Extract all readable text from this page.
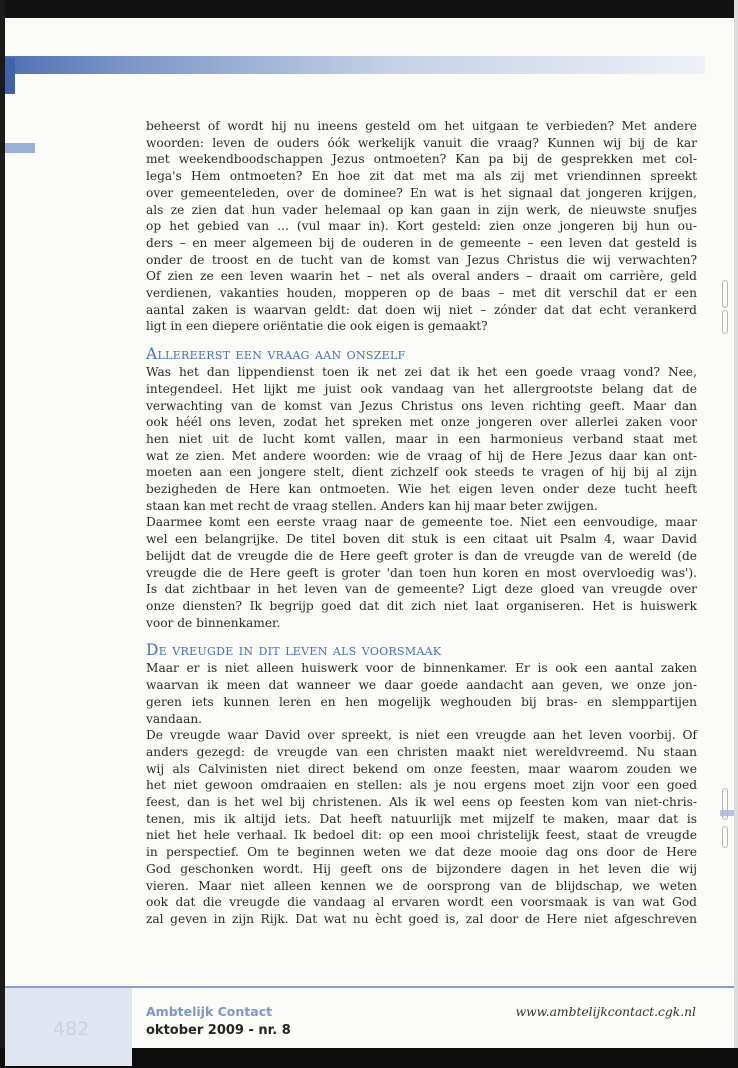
beheerst of wordt hij nu ineens gesteld om het uitgaan te verbieden? Met andere

woorden: leven de ouders óók werkelijk vanuit die vraag? Kunnen wij bij de kar

met weekendboodschappen Jezus ontmoeten? Kan pa bij de gesprekken met col-

lega's Hem ontmoeten? En hoe zit dat met ma als zij met vriendinnen spreekt

over gemeenteleden, over de dominee? En wat is het signaal dat jongeren krijgen,

als ze zien dat hun vader helemaal op kan gaan in zijn werk, de nieuwste snufjes

op het gebied van ... (vul maar in). Kort gesteld: zien onze jongeren bij hun ou-

ders – en meer algemeen bij de ouderen in de gemeente – een leven dat gesteld is

onder de troost en de tucht van de komst van Jezus Christus die wij verwachten?

Of zien ze een leven waarin het – net als overal anders – draait om carrière, geld

verdienen, vakanties houden, mopperen op de baas – met dit verschil dat er een

aantal zaken is waarvan geldt: dat doen wij niet – zónder dat dat echt verankerd

ligt in een diepere oriëntatie die ook eigen is gemaakt?

Allereerst een vraag aan onszelf

Was het dan lippendienst toen ik net zei dat ik het een goede vraag vond? Nee,

integendeel. Het lijkt me juist ook vandaag van het allergrootste belang dat de

verwachting van de komst van Jezus Christus ons leven richting geeft. Maar dan

ook héél ons leven, zodat het spreken met onze jongeren over allerlei zaken voor

hen niet uit de lucht komt vallen, maar in een harmonieus verband staat met

wat ze zien. Met andere woorden: wie de vraag of hij de Here Jezus daar kan ont-

moeten aan een jongere stelt, dient zichzelf ook steeds te vragen of hij bij al zijn

bezigheden de Here kan ontmoeten. Wie het eigen leven onder deze tucht heeft

staan kan met recht de vraag stellen. Anders kan hij maar beter zwijgen.

Daarmee komt een eerste vraag naar de gemeente toe. Niet een eenvoudige, maar

wel een belangrijke. De titel boven dit stuk is een citaat uit Psalm 4, waar David

belijdt dat de vreugde die de Here geeft groter is dan de vreugde van de wereld (de

vreugde die de Here geeft is groter 'dan toen hun koren en most overvloedig was').

Is dat zichtbaar in het leven van de gemeente? Ligt deze gloed van vreugde over

onze diensten? Ik begrijp goed dat dit zich niet laat organiseren. Het is huiswerk

voor de binnenkamer.

De vreugde in dit leven als voorsmaak

Maar er is niet alleen huiswerk voor de binnenkamer. Er is ook een aantal zaken

waarvan ik meen dat wanneer we daar goede aandacht aan geven, we onze jon-

geren iets kunnen leren en hen mogelijk weghouden bij bras- en slemppartijen

vandaan.

De vreugde waar David over spreekt, is niet een vreugde aan het leven voorbij. Of

anders gezegd: de vreugde van een christen maakt niet wereldvreemd. Nu staan

wij als Calvinisten niet direct bekend om onze feesten, maar waarom zouden we

het niet gewoon omdraaien en stellen: als je nou ergens moet zijn voor een goed

feest, dan is het wel bij christenen. Als ik wel eens op feesten kom van niet-chris-

tenen, mis ik altijd iets. Dat heeft natuurlijk met mijzelf te maken, maar dat is

niet het hele verhaal. Ik bedoel dit: op een mooi christelijk feest, staat de vreugde

in perspectief. Om te beginnen weten we dat deze mooie dag ons door de Here

God geschonken wordt. Hij geeft ons de bijzondere dagen in het leven die wij

vieren. Maar niet alleen kennen we de oorsprong van de blijdschap, we weten

ook dat die vreugde die vandaag al ervaren wordt een voorsmaak is van wat God

zal geven in zijn Rijk. Dat wat nu ècht goed is, zal door de Here niet afgeschreven

482
Ambtelijk Contact
oktober 2009 - nr. 8
www.ambtelijkcontact.cgk.nl
